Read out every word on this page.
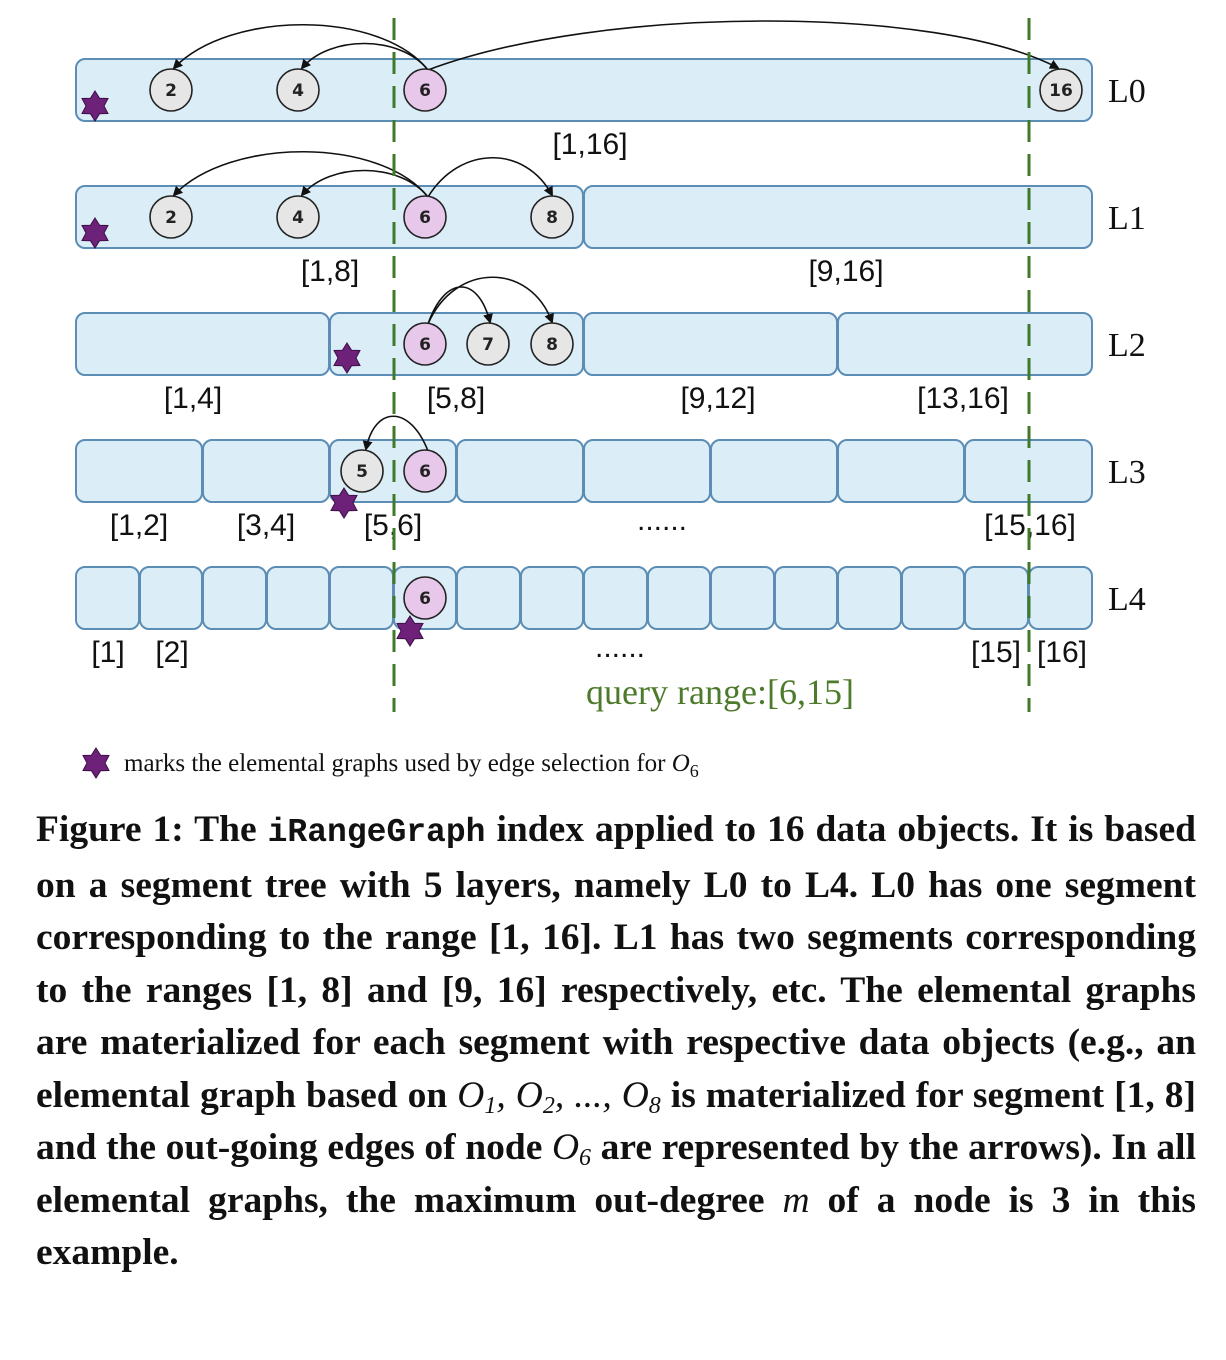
[1,16]
L0
[1,8]	[9,16]
L1
[1,4]	[5,8]	[9,12]	[13,16]
L2
[1,2] [3,4] [5,6]	......	[15,16]
L3
[1] [2]	......	[15] [16]
L4
2	4	6	16
2	4	6	8
6	7	8
5	6
6
query range:[6,15]
marks the elemental graphs used by edge selection for $O_6$
Figure 1: The iRangeGraph index applied to 16 data objects. It is based on a segment tree with 5 layers, namely L0 to L4. L0 has one segment corresponding to the range [1, 16]. L1 has two segments corresponding to the ranges [1, 8] and [9, 16] respectively, etc. The elemental graphs are materialized for each segment with respective data objects (e.g., an elemental graph based on $O_1$, $O_2$, ..., $O_8$ is materialized for segment [1, 8] and the out-going edges of node $O_6$ are represented by the arrows). In all elemental graphs, the maximum out-degree m of a node is 3 in this example.
